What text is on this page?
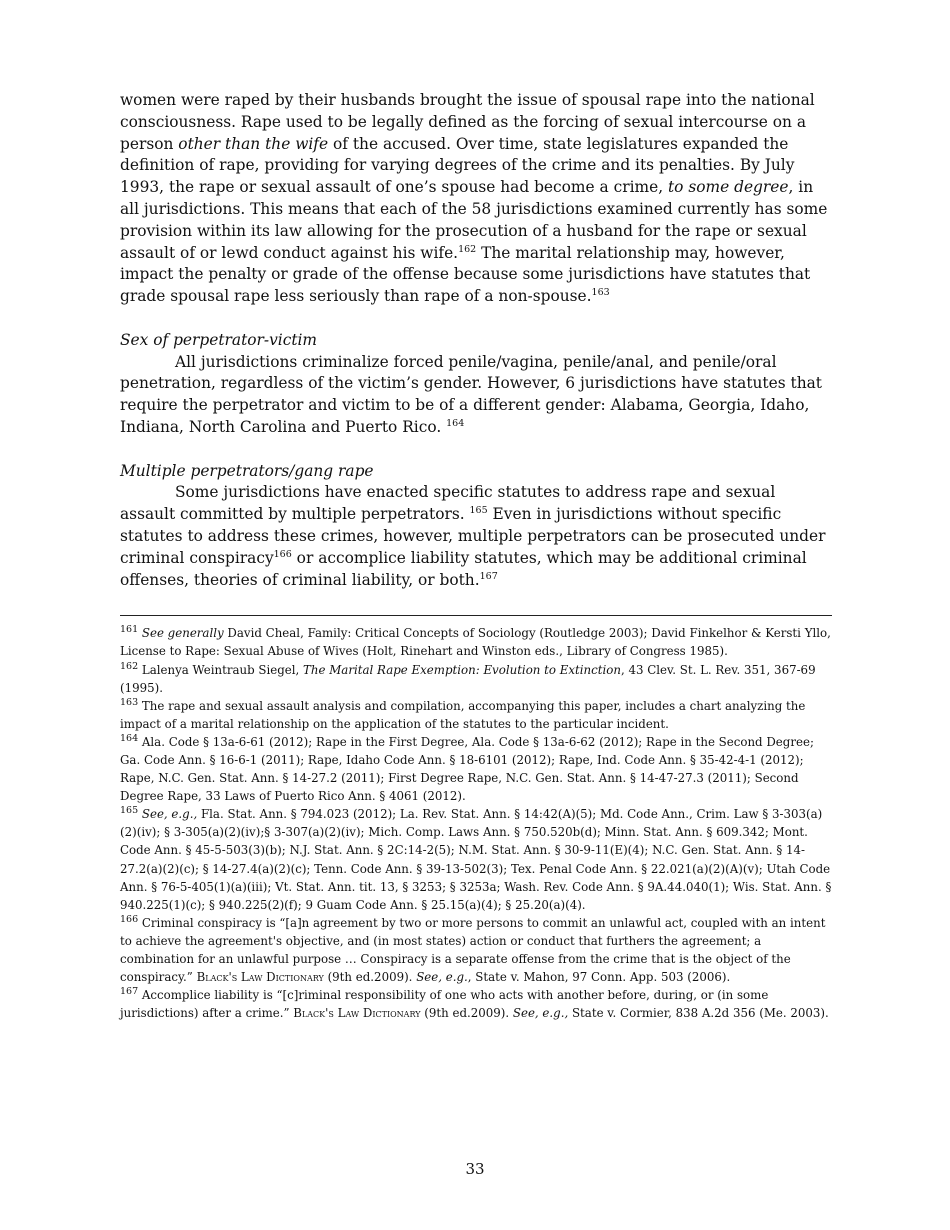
women were raped by their husbands brought the issue of spousal rape into the national consciousness. Rape used to be legally defined as the forcing of sexual intercourse on a person other than the wife of the accused. Over time, state legislatures expanded the definition of rape, providing for varying degrees of the crime and its penalties. By July 1993, the rape or sexual assault of one’s spouse had become a crime, to some degree, in all jurisdictions. This means that each of the 58 jurisdictions examined currently has some provision within its law allowing for the prosecution of a husband for the rape or sexual assault of or lewd conduct against his wife.$^{162}$ The marital relationship may, however, impact the penalty or grade of the offense because some jurisdictions have statutes that grade spousal rape less seriously than rape of a non-spouse.$^{163}$

Sex of perpetrator-victim

All jurisdictions criminalize forced penile/vagina, penile/anal, and penile/oral penetration, regardless of the victim’s gender. However, 6 jurisdictions have statutes that require the perpetrator and victim to be of a different gender: Alabama, Georgia, Idaho, Indiana, North Carolina and Puerto Rico. $^{164}$

Multiple perpetrators/gang rape

Some jurisdictions have enacted specific statutes to address rape and sexual assault committed by multiple perpetrators. $^{165}$ Even in jurisdictions without specific statutes to address these crimes, however, multiple perpetrators can be prosecuted under criminal conspiracy$^{166}$ or accomplice liability statutes, which may be additional criminal offenses, theories of criminal liability, or both.$^{167}$

$^{161}$ See generally David Cheal, Family: Critical Concepts of Sociology (Routledge 2003); David Finkelhor & Kersti Yllo, License to Rape: Sexual Abuse of Wives (Holt, Rinehart and Winston eds., Library of Congress 1985).

$^{162}$ Lalenya Weintraub Siegel, The Marital Rape Exemption: Evolution to Extinction, 43 Clev. St. L. Rev. 351, 367-69 (1995).

$^{163}$ The rape and sexual assault analysis and compilation, accompanying this paper, includes a chart analyzing the impact of a marital relationship on the application of the statutes to the particular incident.

$^{164}$ Ala. Code § 13a-6-61 (2012); Rape in the First Degree, Ala. Code § 13a-6-62 (2012); Rape in the Second Degree; Ga. Code Ann. § 16-6-1 (2011); Rape, Idaho Code Ann. § 18-6101 (2012); Rape, Ind. Code Ann. § 35-42-4-1 (2012); Rape, N.C. Gen. Stat. Ann. § 14-27.2 (2011); First Degree Rape, N.C. Gen. Stat. Ann. § 14-47-27.3 (2011); Second Degree Rape, 33 Laws of Puerto Rico Ann. § 4061 (2012).

$^{165}$ See, e.g., Fla. Stat. Ann. § 794.023 (2012); La. Rev. Stat. Ann. § 14:42(A)(5); Md. Code Ann., Crim. Law § 3-303(a)(2)(iv); § 3-305(a)(2)(iv);§ 3-307(a)(2)(iv); Mich. Comp. Laws Ann. § 750.520b(d); Minn. Stat. Ann. § 609.342; Mont. Code Ann. § 45-5-503(3)(b); N.J. Stat. Ann. § 2C:14-2(5); N.M. Stat. Ann. § 30-9-11(E)(4); N.C. Gen. Stat. Ann. § 14-27.2(a)(2)(c); § 14-27.4(a)(2)(c); Tenn. Code Ann. § 39-13-502(3); Tex. Penal Code Ann. § 22.021(a)(2)(A)(v); Utah Code Ann. § 76-5-405(1)(a)(iii); Vt. Stat. Ann. tit. 13, § 3253; § 3253a; Wash. Rev. Code Ann. § 9A.44.040(1); Wis. Stat. Ann. § 940.225(1)(c); § 940.225(2)(f); 9 Guam Code Ann. § 25.15(a)(4); § 25.20(a)(4).

$^{166}$ Criminal conspiracy is “[a]n agreement by two or more persons to commit an unlawful act, coupled with an intent to achieve the agreement's objective, and (in most states) action or conduct that furthers the agreement; a combination for an unlawful purpose … Conspiracy is a separate offense from the crime that is the object of the conspiracy.” Black's Law Dictionary (9th ed.2009). See, e.g., State v. Mahon, 97 Conn. App. 503 (2006).

$^{167}$ Accomplice liability is “[c]riminal responsibility of one who acts with another before, during, or (in some jurisdictions) after a crime.” Black's Law Dictionary (9th ed.2009). See, e.g., State v. Cormier, 838 A.2d 356 (Me. 2003).

33
